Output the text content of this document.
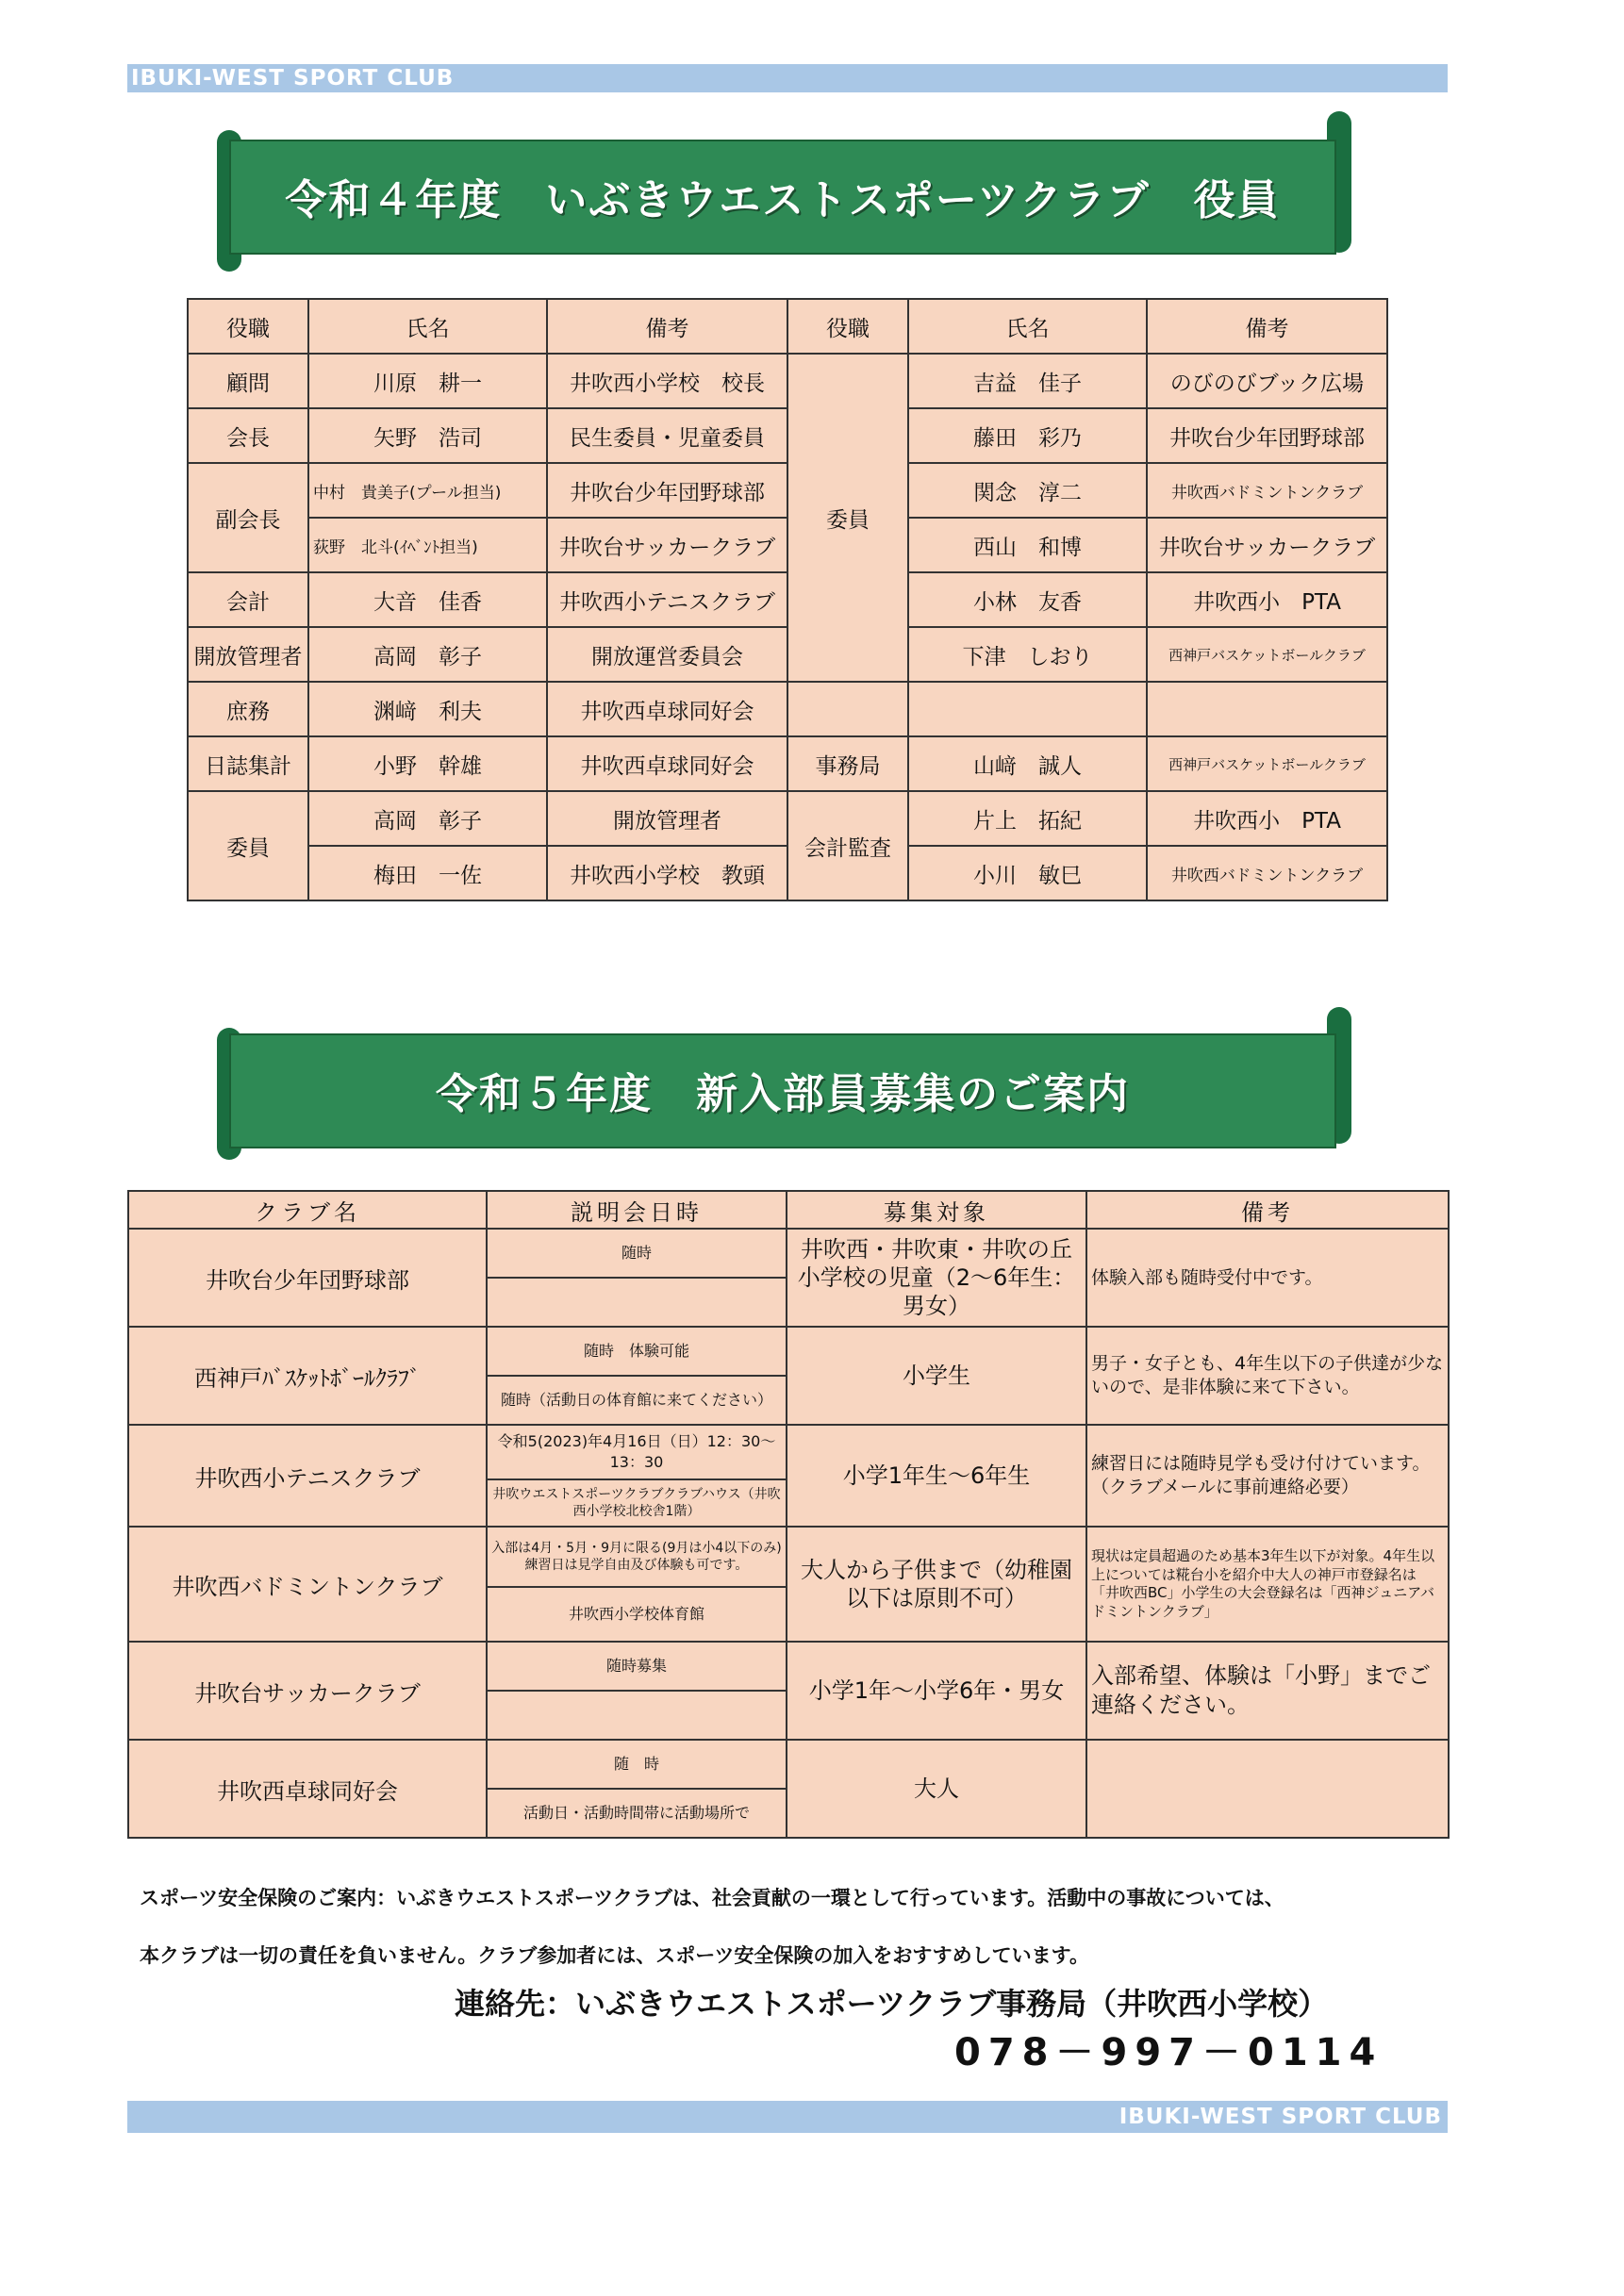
IBUKI-WEST SPORT CLUB
令和４年度　いぶきウエストスポーツクラブ　役員
役職	氏名	備考	役職	氏名	備考
顧問	川原　耕一	井吹西小学校　校長	委員	吉益　佳子	のびのびブック広場
会長	矢野　浩司	民生委員・児童委員		藤田　彩乃	井吹台少年団野球部
副会長	中村　貴美子(プール担当)	井吹台少年団野球部		関念　淳二	井吹西バドミントンクラブ
	荻野　北斗(ｲﾍﾞﾝﾄ担当)	井吹台サッカークラブ		西山　和博	井吹台サッカークラブ
会計	大音　佳香	井吹西小テニスクラブ		小林　友香	井吹西小　PTA
開放管理者	高岡　彰子	開放運営委員会		下津　しおり	西神戸バスケットボールクラブ
庶務	渊﨑　利夫	井吹西卓球同好会			
日誌集計	小野　幹雄	井吹西卓球同好会	事務局	山﨑　誠人	西神戸バスケットボールクラブ
委員	高岡　彰子	開放管理者	会計監査	片上　拓紀	井吹西小　PTA
	梅田　一佐	井吹西小学校　教頭		小川　敏巳	井吹西バドミントンクラブ
令和５年度　新入部員募集のご案内
クラブ名	説明会日時	募集対象	備考
井吹台少年団野球部	随時	井吹西・井吹東・井吹の丘小学校の児童（2～6年生：男女）	体験入部も随時受付中です。

西神戸ﾊﾞｽｹｯﾄﾎﾞｰﾙｸﾗﾌﾞ	随時　体験可能	小学生	男子・女子とも、4年生以下の子供達が少ないので、是非体験に来て下さい。
	随時（活動日の体育館に来てください）		
井吹西小テニスクラブ	令和5(2023)年4月16日（日）12：30～13：30	小学1年生～6年生	練習日には随時見学も受け付けています。（クラブメールに事前連絡必要）
	井吹ウエストスポーツクラブクラブハウス（井吹西小学校北校舎1階）		
井吹西バドミントンクラブ	入部は4月・5月・9月に限る(9月は小4以下のみ)練習日は見学自由及び体験も可です。	大人から子供まで（幼稚園以下は原則不可）	現状は定員超過のため基本3年生以下が対象。4年生以上については糀台小を紹介中大人の神戸市登録名は「井吹西BC」小学生の大会登録名は「西神ジュニアバドミントンクラブ」
	井吹西小学校体育館		
井吹台サッカークラブ	随時募集	小学1年～小学6年・男女	入部希望、体験は「小野」までご連絡ください。

井吹西卓球同好会	随　時	大人	
	活動日・活動時間帯に活動場所で		
スポーツ安全保険のご案内：いぶきウエストスポーツクラブは、社会貢献の一環として行っています。活動中の事故については、
本クラブは一切の責任を負いません。クラブ参加者には、スポーツ安全保険の加入をおすすめしています。
連絡先：いぶきウエストスポーツクラブ事務局（井吹西小学校）
078－997－0114
IBUKI-WEST SPORT CLUB
